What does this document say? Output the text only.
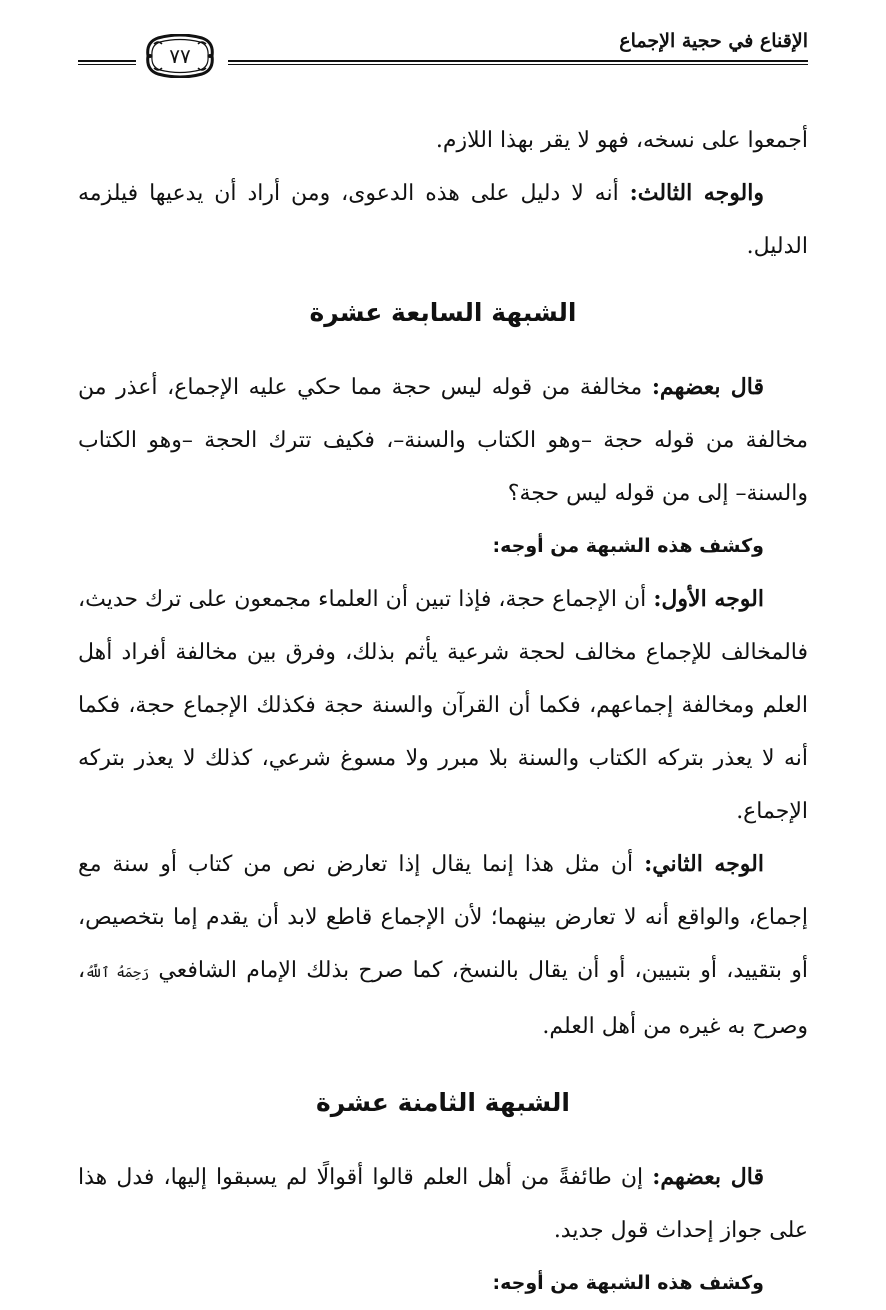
الإقناع في حجية الإجماع
٧٧

أجمعوا على نسخه، فهو لا يقر بهذا اللازم.

والوجه الثالث: أنه لا دليل على هذه الدعوى، ومن أراد أن يدعيها فيلزمه الدليل.

الشبهة السابعة عشرة

قال بعضهم: مخالفة من قوله ليس حجة مما حكي عليه الإجماع، أعذر من مخالفة من قوله حجة –وهو الكتاب والسنة–، فكيف تترك الحجة –وهو الكتاب والسنة– إلى من قوله ليس حجة؟

وكشف هذه الشبهة من أوجه:

الوجه الأول: أن الإجماع حجة، فإذا تبين أن العلماء مجمعون على ترك حديث، فالمخالف للإجماع مخالف لحجة شرعية يأثم بذلك، وفرق بين مخالفة أفراد أهل العلم ومخالفة إجماعهم، فكما أن القرآن والسنة حجة فكذلك الإجماع حجة، فكما أنه لا يعذر بتركه الكتاب والسنة بلا مبرر ولا مسوغ شرعي، كذلك لا يعذر بتركه الإجماع.

الوجه الثاني: أن مثل هذا إنما يقال إذا تعارض نص من كتاب أو سنة مع إجماع، والواقع أنه لا تعارض بينهما؛ لأن الإجماع قاطع لابد أن يقدم إما بتخصيص، أو بتقييد، أو بتبيين، أو أن يقال بالنسخ، كما صرح بذلك الإمام الشافعي رَحِمَهُ ٱللَّهُ، وصرح به غيره من أهل العلم.

الشبهة الثامنة عشرة

قال بعضهم: إن طائفةً من أهل العلم قالوا أقوالًا لم يسبقوا إليها، فدل هذا على جواز إحداث قول جديد.

وكشف هذه الشبهة من أوجه:
